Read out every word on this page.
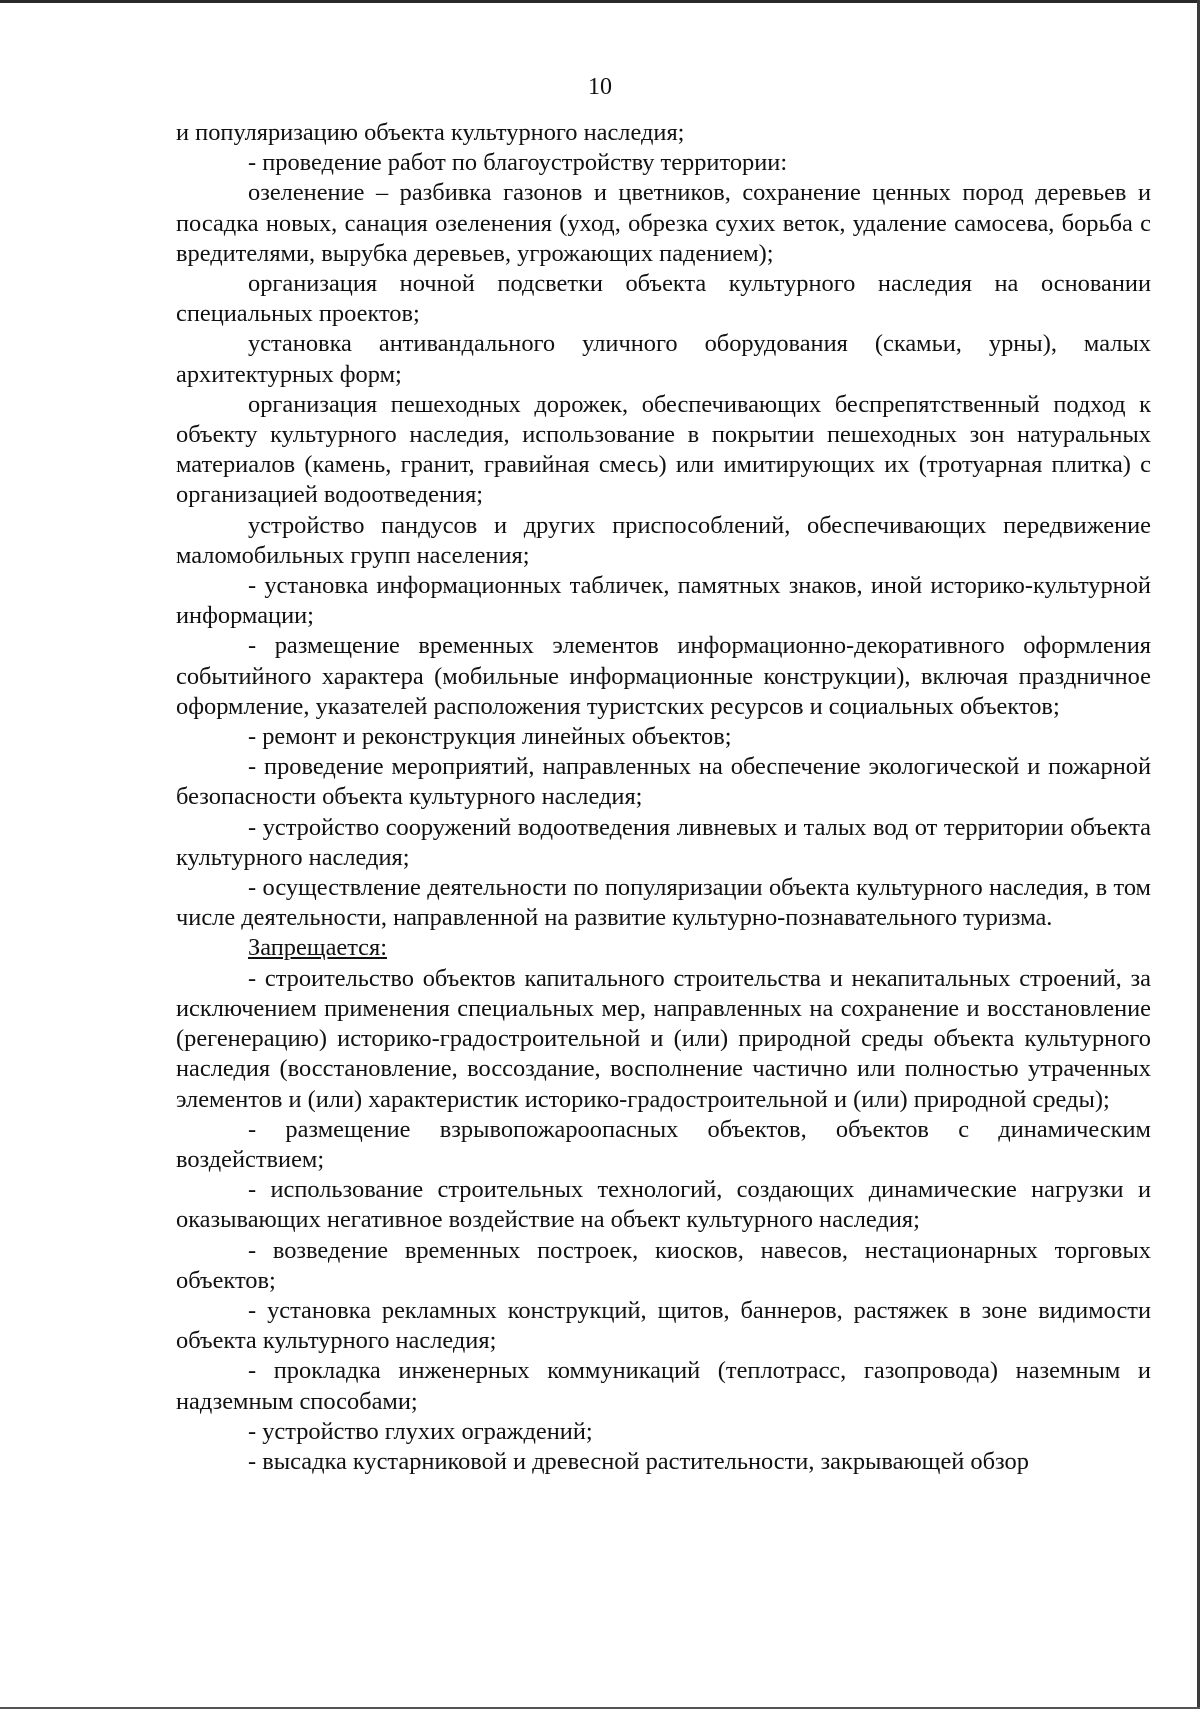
10

и популяризацию объекта культурного наследия;

- проведение работ по благоустройству территории:

озеленение – разбивка газонов и цветников, сохранение ценных пород деревьев и посадка новых, санация озеленения (уход, обрезка сухих веток, удаление самосева, борьба с вредителями, вырубка деревьев, угрожающих падением);

организация ночной подсветки объекта культурного наследия на основании специальных проектов;

установка антивандального уличного оборудования (скамьи, урны), малых архитектурных форм;

организация пешеходных дорожек, обеспечивающих беспрепятственный подход к объекту культурного наследия, использование в покрытии пешеходных зон натуральных материалов (камень, гранит, гравийная смесь) или имитирующих их (тротуарная плитка) с организацией водоотведения;

устройство пандусов и других приспособлений, обеспечивающих передвижение маломобильных групп населения;

- установка информационных табличек, памятных знаков, иной историко-культурной информации;

- размещение временных элементов информационно-декоративного оформления событийного характера (мобильные информационные конструкции), включая праздничное оформление, указателей расположения туристских ресурсов и социальных объектов;

- ремонт и реконструкция линейных объектов;

- проведение мероприятий, направленных на обеспечение экологической и пожарной безопасности объекта культурного наследия;

- устройство сооружений водоотведения ливневых и талых вод от территории объекта культурного наследия;

- осуществление деятельности по популяризации объекта культурного наследия, в том числе деятельности, направленной на развитие культурно-познавательного туризма.

Запрещается:

- строительство объектов капитального строительства и некапитальных строений, за исключением применения специальных мер, направленных на сохранение и восстановление (регенерацию) историко-градостроительной и (или) природной среды объекта культурного наследия (восстановление, воссоздание, восполнение частично или полностью утраченных элементов и (или) характеристик историко-градостроительной и (или) природной среды);

- размещение взрывопожароопасных объектов, объектов с динамическим воздействием;

- использование строительных технологий, создающих динамические нагрузки и оказывающих негативное воздействие на объект культурного наследия;

- возведение временных построек, киосков, навесов, нестационарных торговых объектов;

- установка рекламных конструкций, щитов, баннеров, растяжек в зоне видимости объекта культурного наследия;

- прокладка инженерных коммуникаций (теплотрасс, газопровода) наземным и надземным способами;

- устройство глухих ограждений;

- высадка кустарниковой и древесной растительности, закрывающей обзор
